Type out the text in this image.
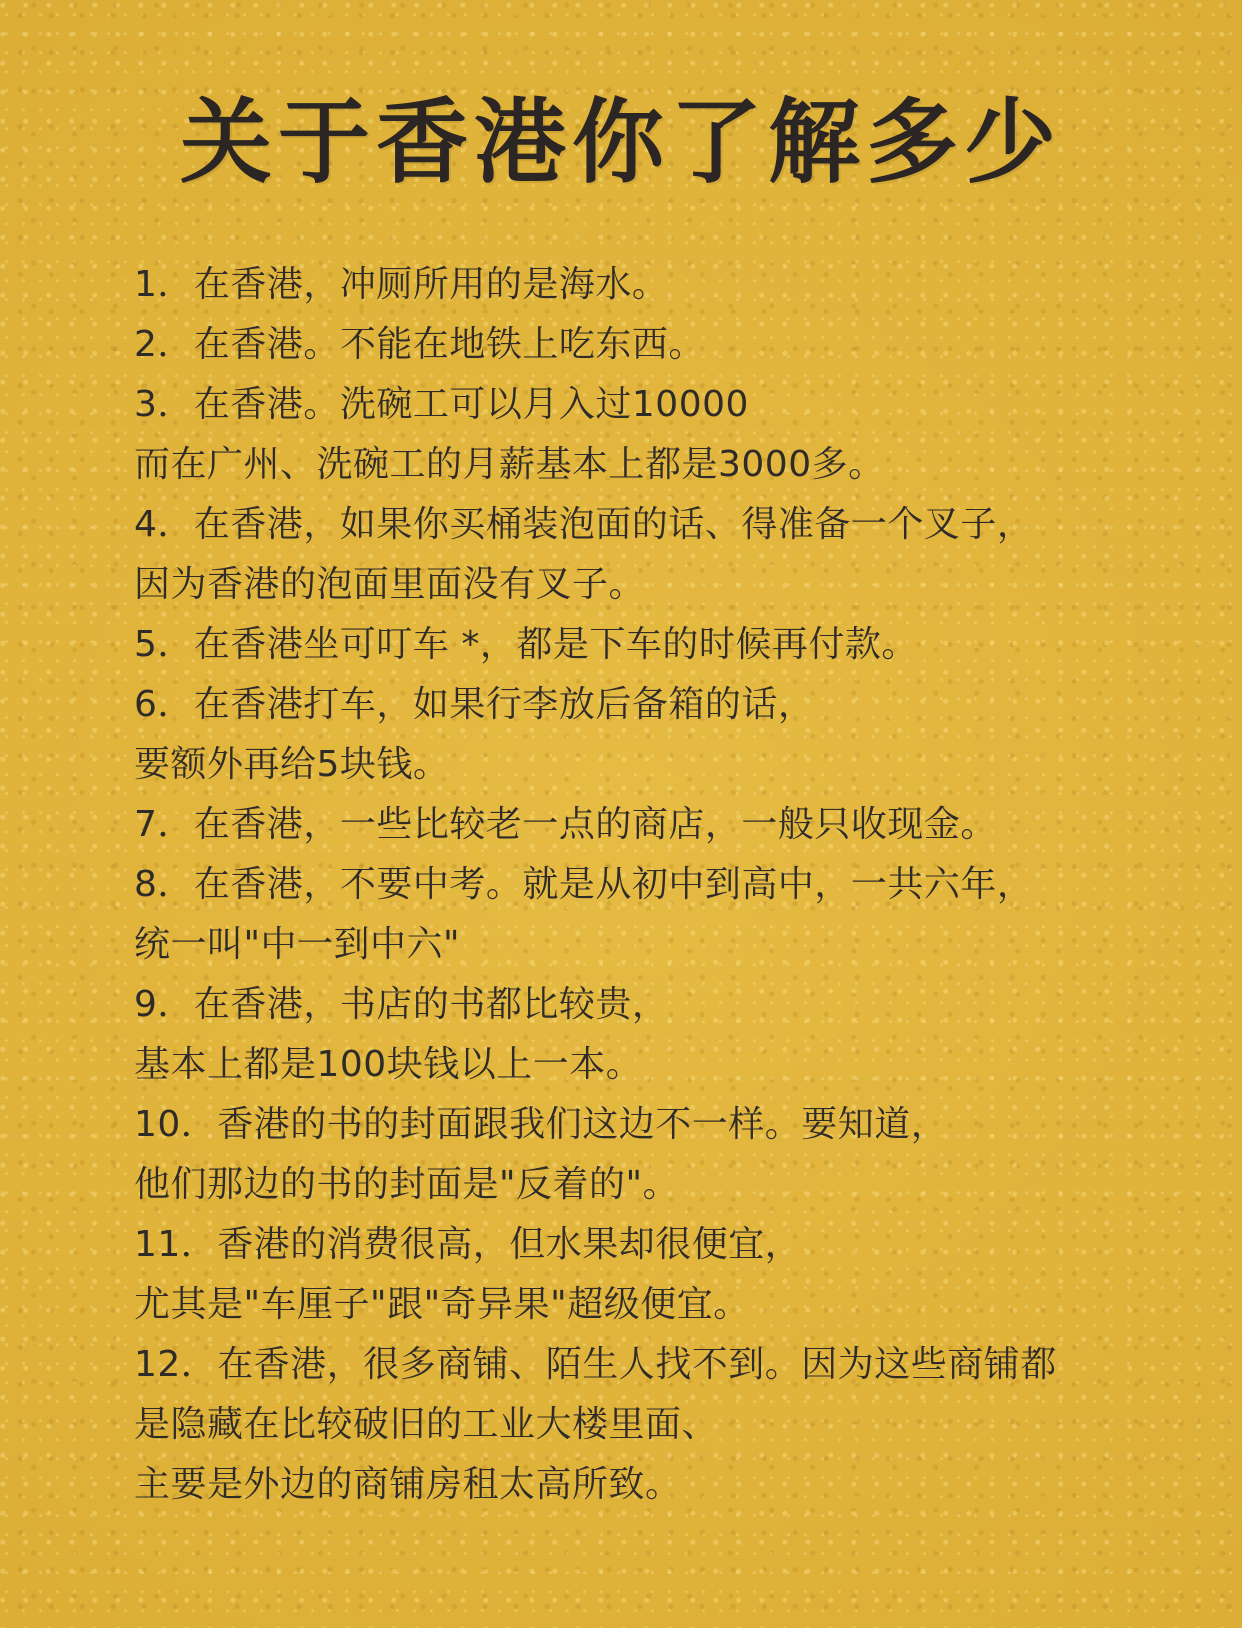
关于香港你了解多少
1．在香港，冲厕所用的是海水。
2．在香港。不能在地铁上吃东西。
3．在香港。洗碗工可以月入过10000
而在广州、洗碗工的月薪基本上都是3000多。
4．在香港，如果你买桶装泡面的话、得准备一个叉子，
因为香港的泡面里面没有叉子。
5．在香港坐可叮车 *，都是下车的时候再付款。
6．在香港打车，如果行李放后备箱的话，
要额外再给5块钱。
7．在香港，一些比较老一点的商店，一般只收现金。
8．在香港，不要中考。就是从初中到高中，一共六年，
统一叫"中一到中六"
9．在香港，书店的书都比较贵，
基本上都是100块钱以上一本。
10．香港的书的封面跟我们这边不一样。要知道，
他们那边的书的封面是"反着的"。
11．香港的消费很高，但水果却很便宜，
尤其是"车厘子"跟"奇异果"超级便宜。
12．在香港，很多商铺、陌生人找不到。因为这些商铺都
是隐藏在比较破旧的工业大楼里面、
主要是外边的商铺房租太高所致。
